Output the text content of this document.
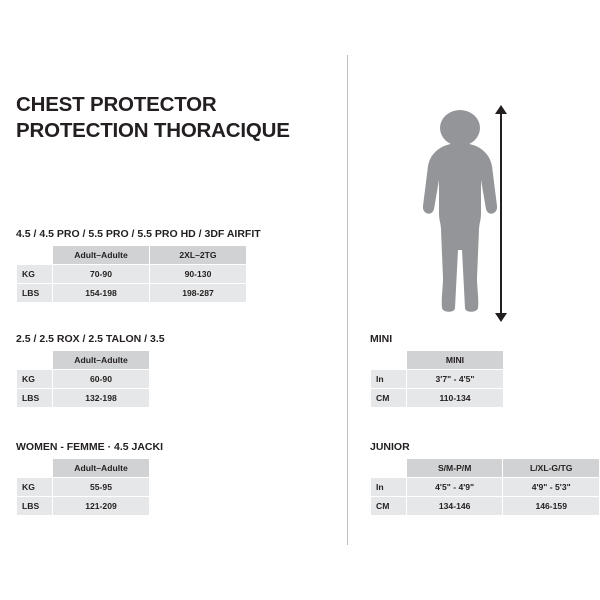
CHEST PROTECTOR
PROTECTION THORACIQUE
4.5 / 4.5 PRO / 5.5 PRO / 5.5 PRO HD / 3DF AIRFIT
	Adult–Adulte	2XL–2TG
KG	70-90	90-130
LBS	154-198	198-287
2.5 / 2.5 ROX / 2.5 TALON / 3.5
	Adult–Adulte
KG	60-90
LBS	132-198
WOMEN - FEMME · 4.5 JACKI
	Adult–Adulte
KG	55-95
LBS	121-209
MINI
	MINI
In	3'7" - 4'5"
CM	110-134
JUNIOR
	S/M-P/M	L/XL-G/TG
In	4'5" - 4'9"	4'9" - 5'3"
CM	134-146	146-159
